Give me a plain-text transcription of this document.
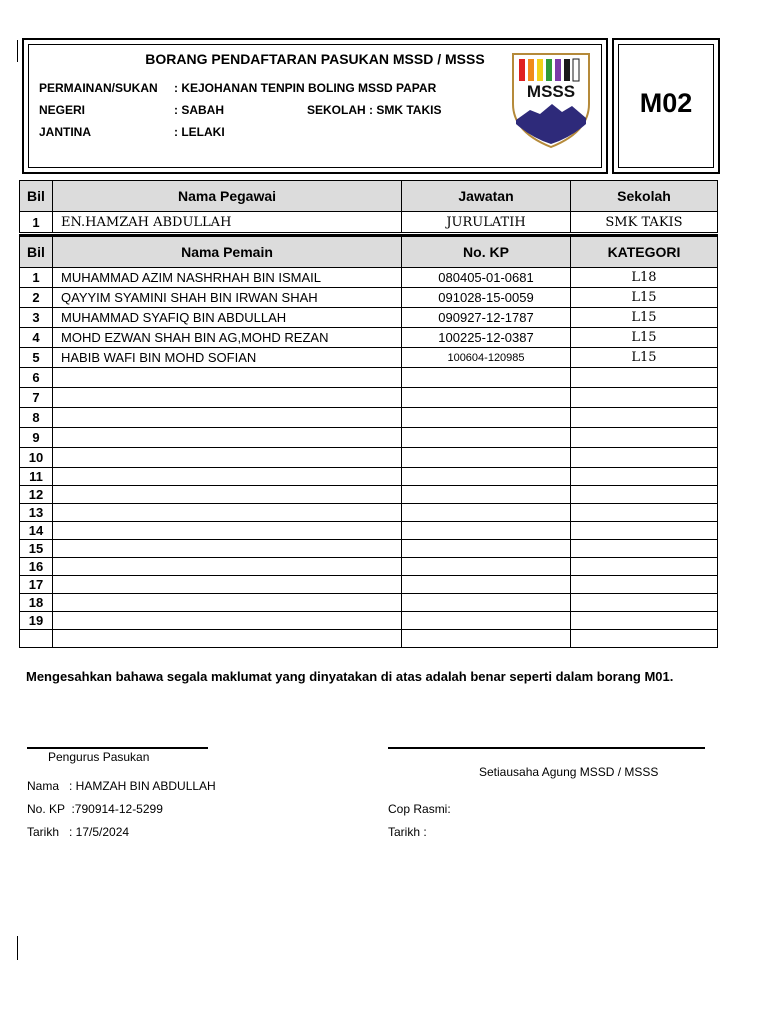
BORANG PENDAFTARAN PASUKAN MSSD / MSSS
PERMAINAN/SUKAN : KEJOHANAN TENPIN BOLING MSSD PAPAR
NEGERI	: SABAH	SEKOLAH : SMK TAKIS
JANTINA	: LELAKI
MSSS	M02
Bil	Nama Pegawai	Jawatan	Sekolah
1	EN.HAMZAH ABDULLAH	JURULATIH	SMK TAKIS
Bil	Nama Pemain	No. KP	KATEGORI
1	MUHAMMAD AZIM NASHRHAH BIN ISMAIL	080405-01-0681	L18
2	QAYYIM SYAMINI SHAH BIN IRWAN SHAH	091028-15-0059	L15
3	MUHAMMAD SYAFIQ BIN ABDULLAH	090927-12-1787	L15
4	MOHD EZWAN SHAH BIN AG,MOHD REZAN	100225-12-0387	L15
5	HABIB WAFI BIN MOHD SOFIAN	100604-120985	L15
6			
7			
8			
9			
10			
11			
12			
13			
14			
15			
16			
17			
18			
19			

Mengesahkan bahawa segala maklumat yang dinyatakan di atas adalah benar seperti dalam borang M01.
Pengurus Pasukan
Nama   : HAMZAH BIN ABDULLAH
No. KP  :790914-12-5299
Tarikh   : 17/5/2024
Setiausaha Agung MSSD / MSSS
Cop Rasmi:
Tarikh :
